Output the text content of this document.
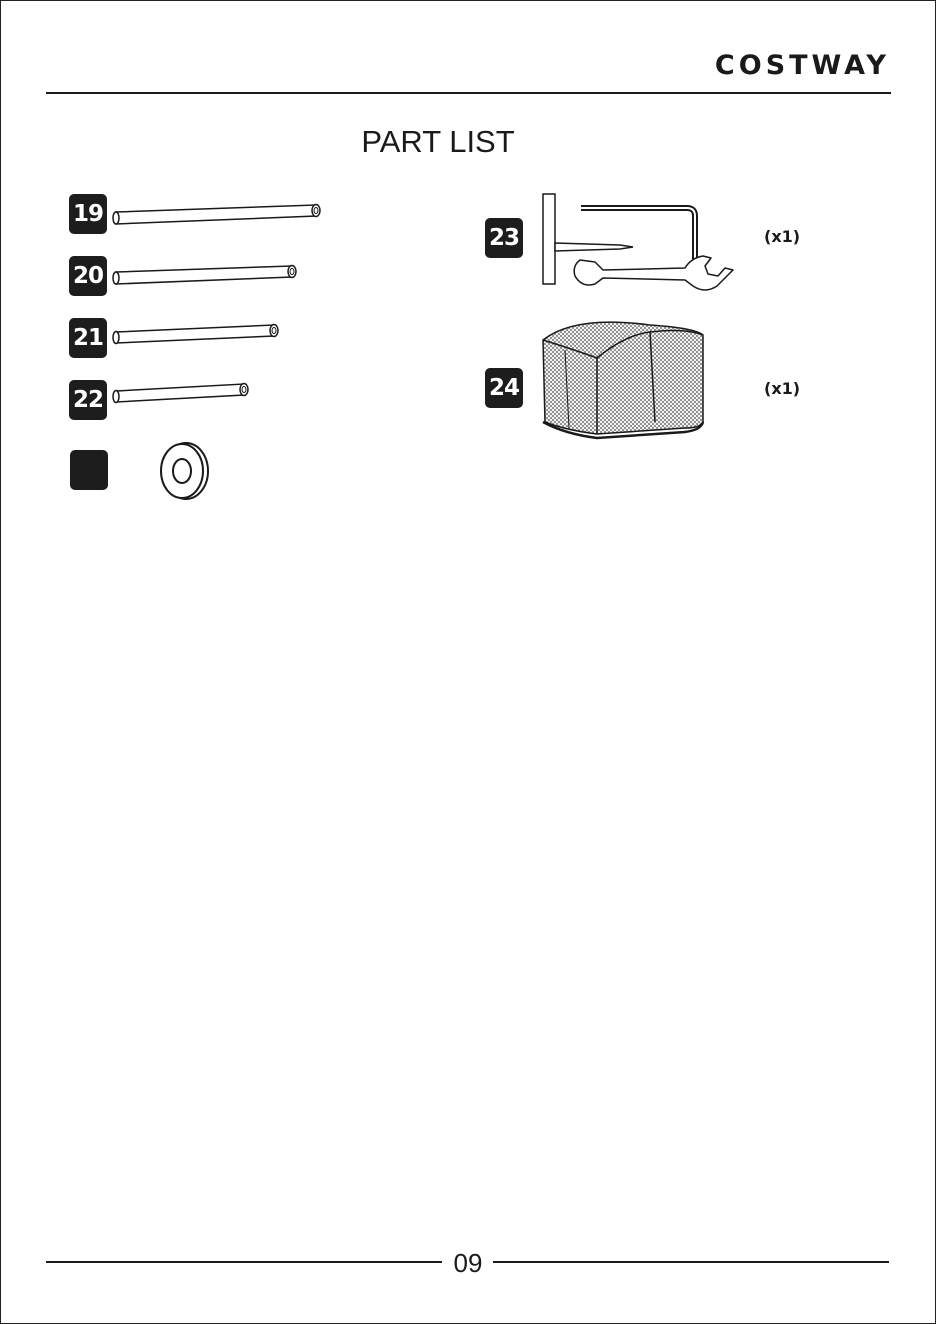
COSTWAY
PART LIST
19
20
21
22
23	(x1)
24	(x1)
09
